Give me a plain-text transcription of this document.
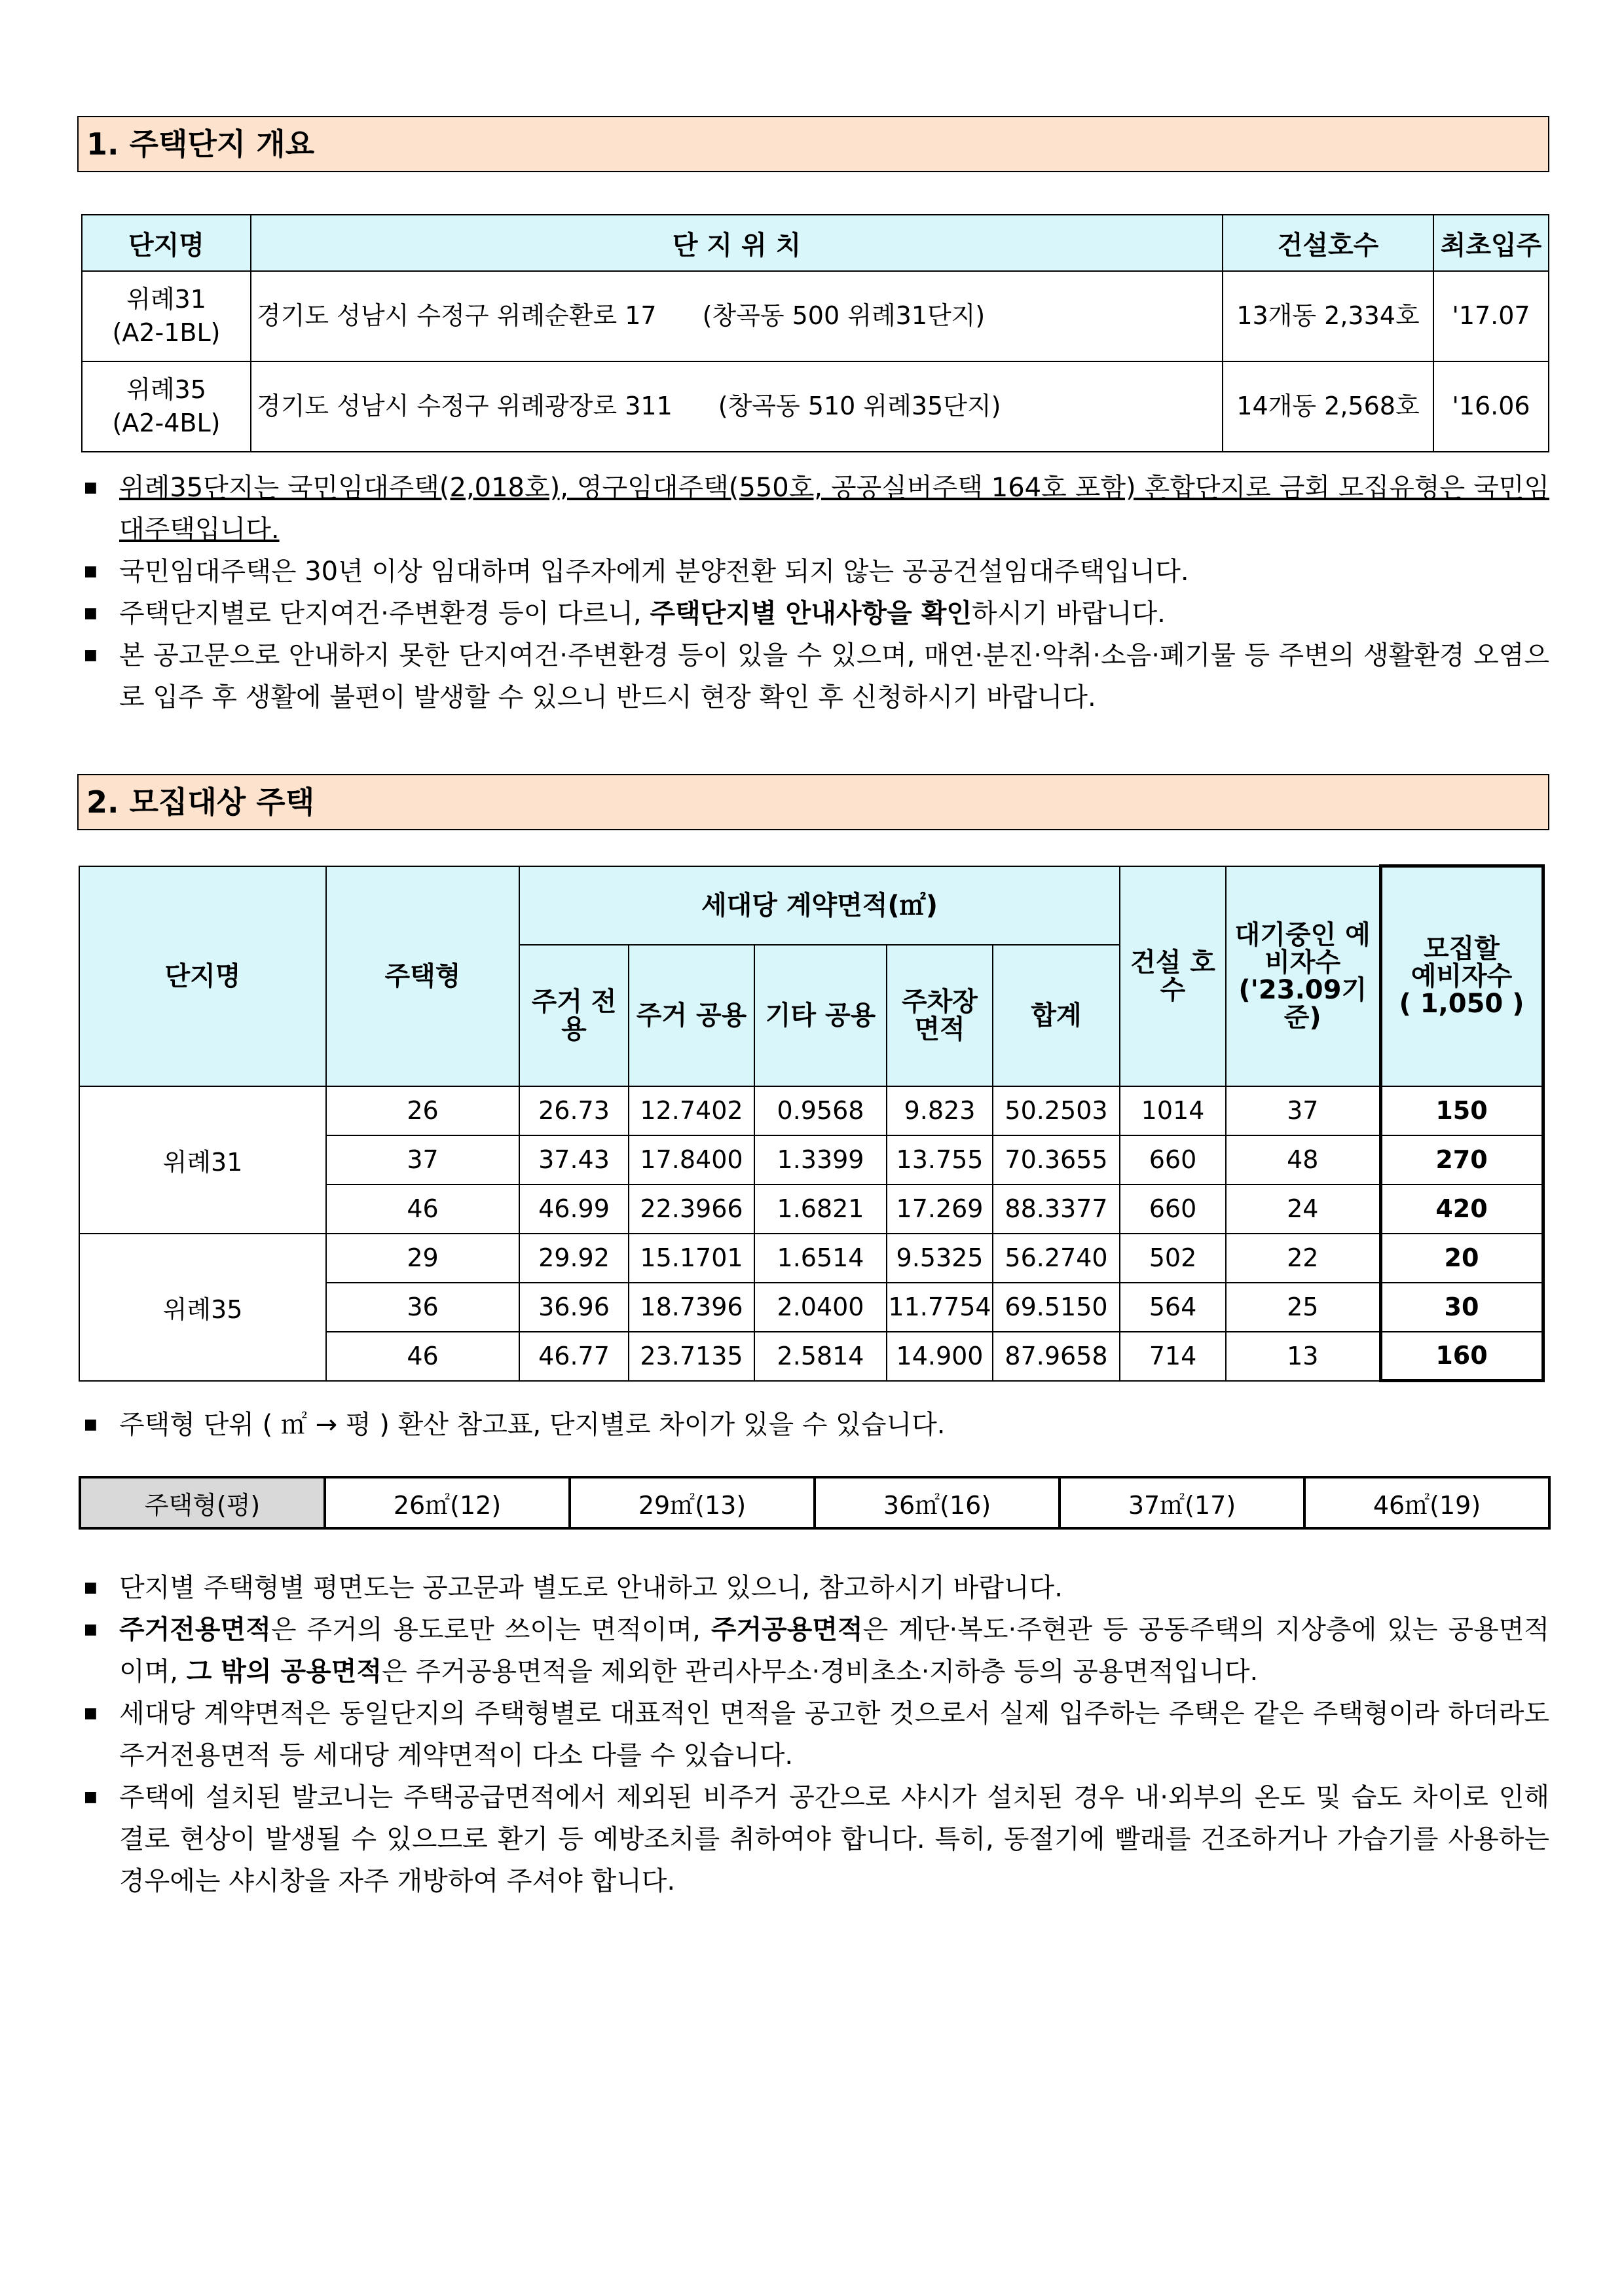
1. 주택단지 개요
단지명	단 지 위 치	건설호수	최초입주
위례31
(A2-1BL)	경기도 성남시 수정구 위례순환로 17 (창곡동 500 위례31단지)	13개동 2,334호	'17.07
위례35
(A2-4BL)	경기도 성남시 수정구 위례광장로 311 (창곡동 510 위례35단지)	14개동 2,568호	'16.06
■ 위례35단지는 국민임대주택(2,018호), 영구임대주택(550호, 공공실버주택 164호 포함) 혼합단지로 금회 모집유형은 국민임대주택입니다.
■ 국민임대주택은 30년 이상 임대하며 입주자에게 분양전환 되지 않는 공공건설임대주택입니다.
■ 주택단지별로 단지여건·주변환경 등이 다르니, 주택단지별 안내사항을 확인하시기 바랍니다.
■ 본 공고문으로 안내하지 못한 단지여건·주변환경 등이 있을 수 있으며, 매연·분진·악취·소음·폐기물 등 주변의 생활환경 오염으로 입주 후 생활에 불편이 발생할 수 있으니 반드시 현장 확인 후 신청하시기 바랍니다.
2. 모집대상 주택
단지명	주택형	세대당 계약면적(㎡)					건설 호수	대기중인 예비자수 ('23.09기준)	모집할
예비자수
( 1,050 )
		주거 전용	주거 공용	기타 공용	주차장 면적	합계			
위례31	26	26.73	12.7402	0.9568	9.823	50.2503	1014	37	150
	37	37.43	17.8400	1.3399	13.755	70.3655	660	48	270
	46	46.99	22.3966	1.6821	17.269	88.3377	660	24	420
위례35	29	29.92	15.1701	1.6514	9.5325	56.2740	502	22	20
	36	36.96	18.7396	2.0400	11.7754	69.5150	564	25	30
	46	46.77	23.7135	2.5814	14.900	87.9658	714	13	160
■ 주택형 단위 ( ㎡ → 평 ) 환산 참고표, 단지별로 차이가 있을 수 있습니다.
주택형(평)	26㎡(12)	29㎡(13)	36㎡(16)	37㎡(17)	46㎡(19)
■ 단지별 주택형별 평면도는 공고문과 별도로 안내하고 있으니, 참고하시기 바랍니다.
■ 주거전용면적은 주거의 용도로만 쓰이는 면적이며, 주거공용면적은 계단·복도·주현관 등 공동주택의 지상층에 있는 공용면적이며, 그 밖의 공용면적은 주거공용면적을 제외한 관리사무소·경비초소·지하층 등의 공용면적입니다.
■ 세대당 계약면적은 동일단지의 주택형별로 대표적인 면적을 공고한 것으로서 실제 입주하는 주택은 같은 주택형이라 하더라도 주거전용면적 등 세대당 계약면적이 다소 다를 수 있습니다.
■ 주택에 설치된 발코니는 주택공급면적에서 제외된 비주거 공간으로 샤시가 설치된 경우 내·외부의 온도 및 습도 차이로 인해 결로 현상이 발생될 수 있으므로 환기 등 예방조치를 취하여야 합니다. 특히, 동절기에 빨래를 건조하거나 가습기를 사용하는 경우에는 샤시창을 자주 개방하여 주셔야 합니다.
